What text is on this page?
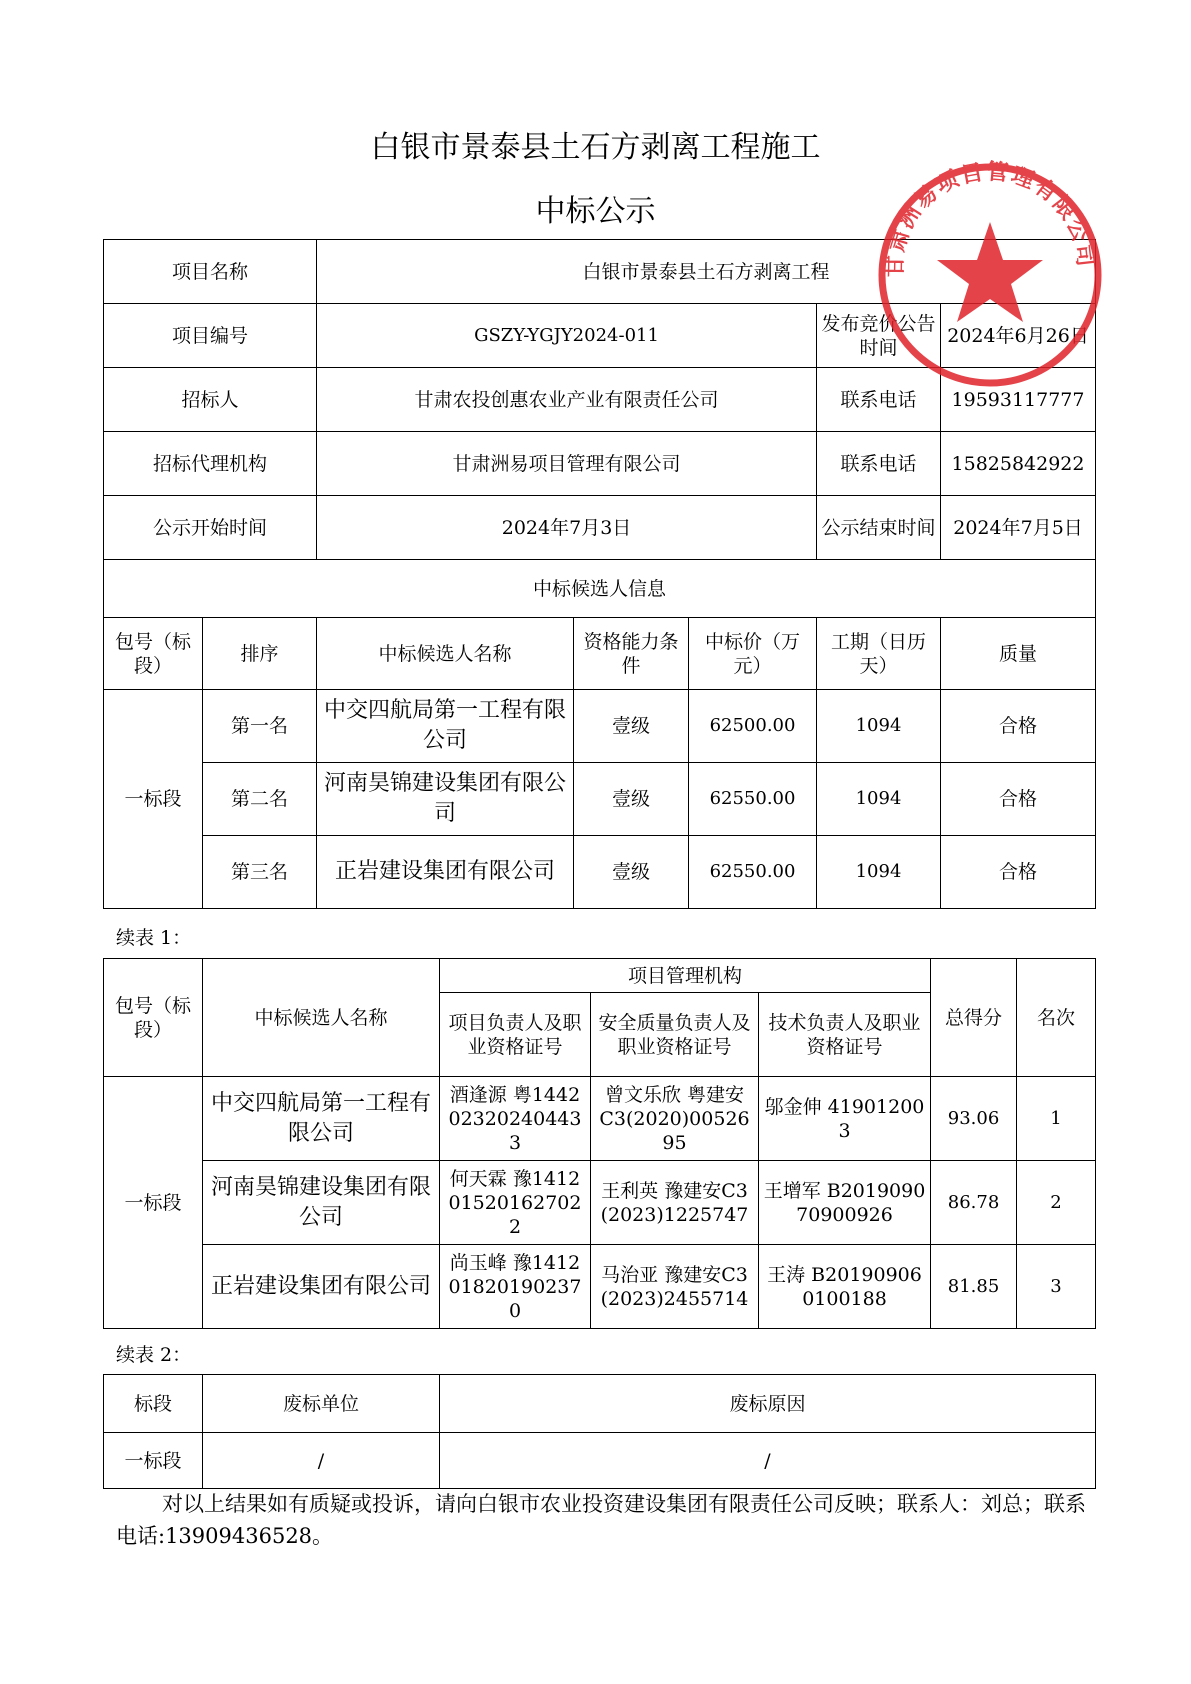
白银市景泰县土石方剥离工程施工
中标公示
项目名称		白银市景泰县土石方剥离工程				
项目编号		GSZY-YGJY2024-011			发布竞价公告时间	2024年6月26日
招标人		甘肃农投创惠农业产业有限责任公司			联系电话	19593117777
招标代理机构		甘肃洲易项目管理有限公司			联系电话	15825842922
公示开始时间		2024年7月3日			公示结束时间	2024年7月5日
中标候选人信息						
包号（标段）	排序	中标候选人名称	资格能力条件	中标价（万元）	工期（日历天）	质量
一标段	第一名	中交四航局第一工程有限公司	壹级	62500.00	1094	合格
	第二名	河南昊锦建设集团有限公司	壹级	62550.00	1094	合格
	第三名	正岩建设集团有限公司	壹级	62550.00	1094	合格
续表 1：
包号（标段）	中标候选人名称	项目管理机构			总得分	名次
		项目负责人及职业资格证号	安全质量负责人及职业资格证号	技术负责人及职业资格证号		
一标段	中交四航局第一工程有限公司	酒逢源 粤1442023202404433	曾文乐欣 粤建安 C3(2020)0052695	邬金伸 419012003	93.06	1
	河南昊锦建设集团有限公司	何天霖 豫1412015201627022	王利英 豫建安C3(2023)1225747	王增军 B201909070900926	86.78	2
	正岩建设集团有限公司	尚玉峰 豫1412018201902370	马治亚 豫建安C3(2023)2455714	王涛 B201909060100188	81.85	3
续表 2：
标段	废标单位	废标原因
一标段	/	/
对以上结果如有质疑或投诉，请向白银市农业投资建设集团有限责任公司反映；联系人：刘总；联系电话:13909436528。
甘肃洲易项目管理有限公司
